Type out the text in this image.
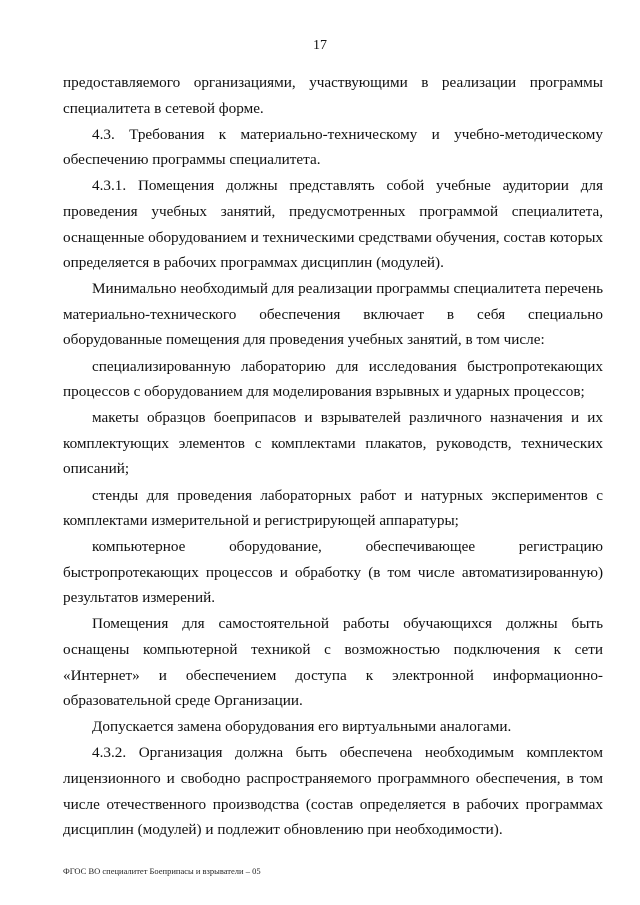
17

предоставляемого организациями, участвующими в реализации программы специалитета в сетевой форме.

4.3. Требования к материально-техническому и учебно-методическому обеспечению программы специалитета.

4.3.1. Помещения должны представлять собой учебные аудитории для проведения учебных занятий, предусмотренных программой специалитета, оснащенные оборудованием и техническими средствами обучения, состав которых определяется в рабочих программах дисциплин (модулей).

Минимально необходимый для реализации программы специалитета перечень материально-технического обеспечения включает в себя специально оборудованные помещения для проведения учебных занятий, в том числе:

специализированную лабораторию для исследования быстропротекающих процессов с оборудованием для моделирования взрывных и ударных процессов;

макеты образцов боеприпасов и взрывателей различного назначения и их комплектующих элементов с комплектами плакатов, руководств, технических описаний;

стенды для проведения лабораторных работ и натурных экспериментов с комплектами измерительной и регистрирующей аппаратуры;

компьютерное оборудование, обеспечивающее регистрацию быстропротекающих процессов и обработку (в том числе автоматизированную) результатов измерений.

Помещения для самостоятельной работы обучающихся должны быть оснащены компьютерной техникой с возможностью подключения к сети «Интернет» и обеспечением доступа к электронной информационно-образовательной среде Организации.

Допускается замена оборудования его виртуальными аналогами.

4.3.2. Организация должна быть обеспечена необходимым комплектом лицензионного и свободно распространяемого программного обеспечения, в том числе отечественного производства (состав определяется в рабочих программах дисциплин (модулей) и подлежит обновлению при необходимости).

ФГОС ВО специалитет Боеприпасы и взрыватели – 05
